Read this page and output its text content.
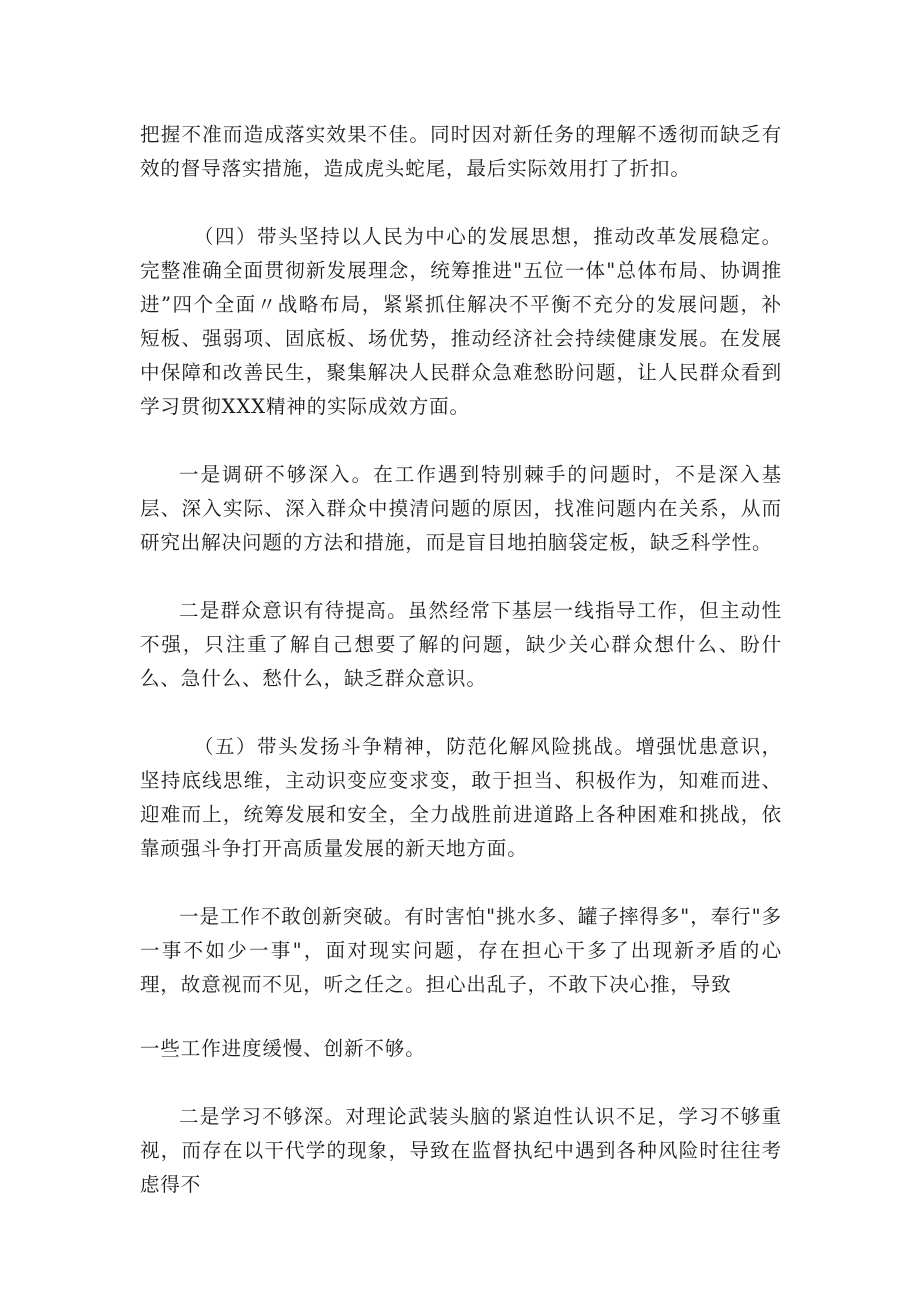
把握不准而造成落实效果不佳。同时因对新任务的理解不透彻而缺乏有效的督导落实措施，造成虎头蛇尾，最后实际效用打了折扣。

（四）带头坚持以人民为中心的发展思想，推动改革发展稳定。完整准确全面贯彻新发展理念，统筹推进"五位一体"总体布局、协调推进”四个全面〃战略布局，紧紧抓住解决不平衡不充分的发展问题，补短板、强弱项、固底板、场优势，推动经济社会持续健康发展。在发展中保障和改善民生，聚集解决人民群众急难愁盼问题，让人民群众看到学习贯彻XXX精神的实际成效方面。

一是调研不够深入。在工作遇到特别棘手的问题时，不是深入基层、深入实际、深入群众中摸清问题的原因，找准问题内在关系，从而研究出解决问题的方法和措施，而是盲目地拍脑袋定板，缺乏科学性。

二是群众意识有待提高。虽然经常下基层一线指导工作，但主动性不强，只注重了解自己想要了解的问题，缺少关心群众想什么、盼什么、急什么、愁什么，缺乏群众意识。

（五）带头发扬斗争精神，防范化解风险挑战。增强忧患意识，坚持底线思维，主动识变应变求变，敢于担当、积极作为，知难而进、迎难而上，统筹发展和安全，全力战胜前进道路上各种困难和挑战，依靠顽强斗争打开高质量发展的新天地方面。

一是工作不敢创新突破。有时害怕"挑水多、罐子摔得多"，奉行"多一事不如少一事"，面对现实问题，存在担心干多了出现新矛盾的心理，故意视而不见，听之任之。担心出乱子，不敢下决心推，导致

一些工作进度缓慢、创新不够。

二是学习不够深。对理论武装头脑的紧迫性认识不足，学习不够重视，而存在以干代学的现象，导致在监督执纪中遇到各种风险时往往考虑得不
